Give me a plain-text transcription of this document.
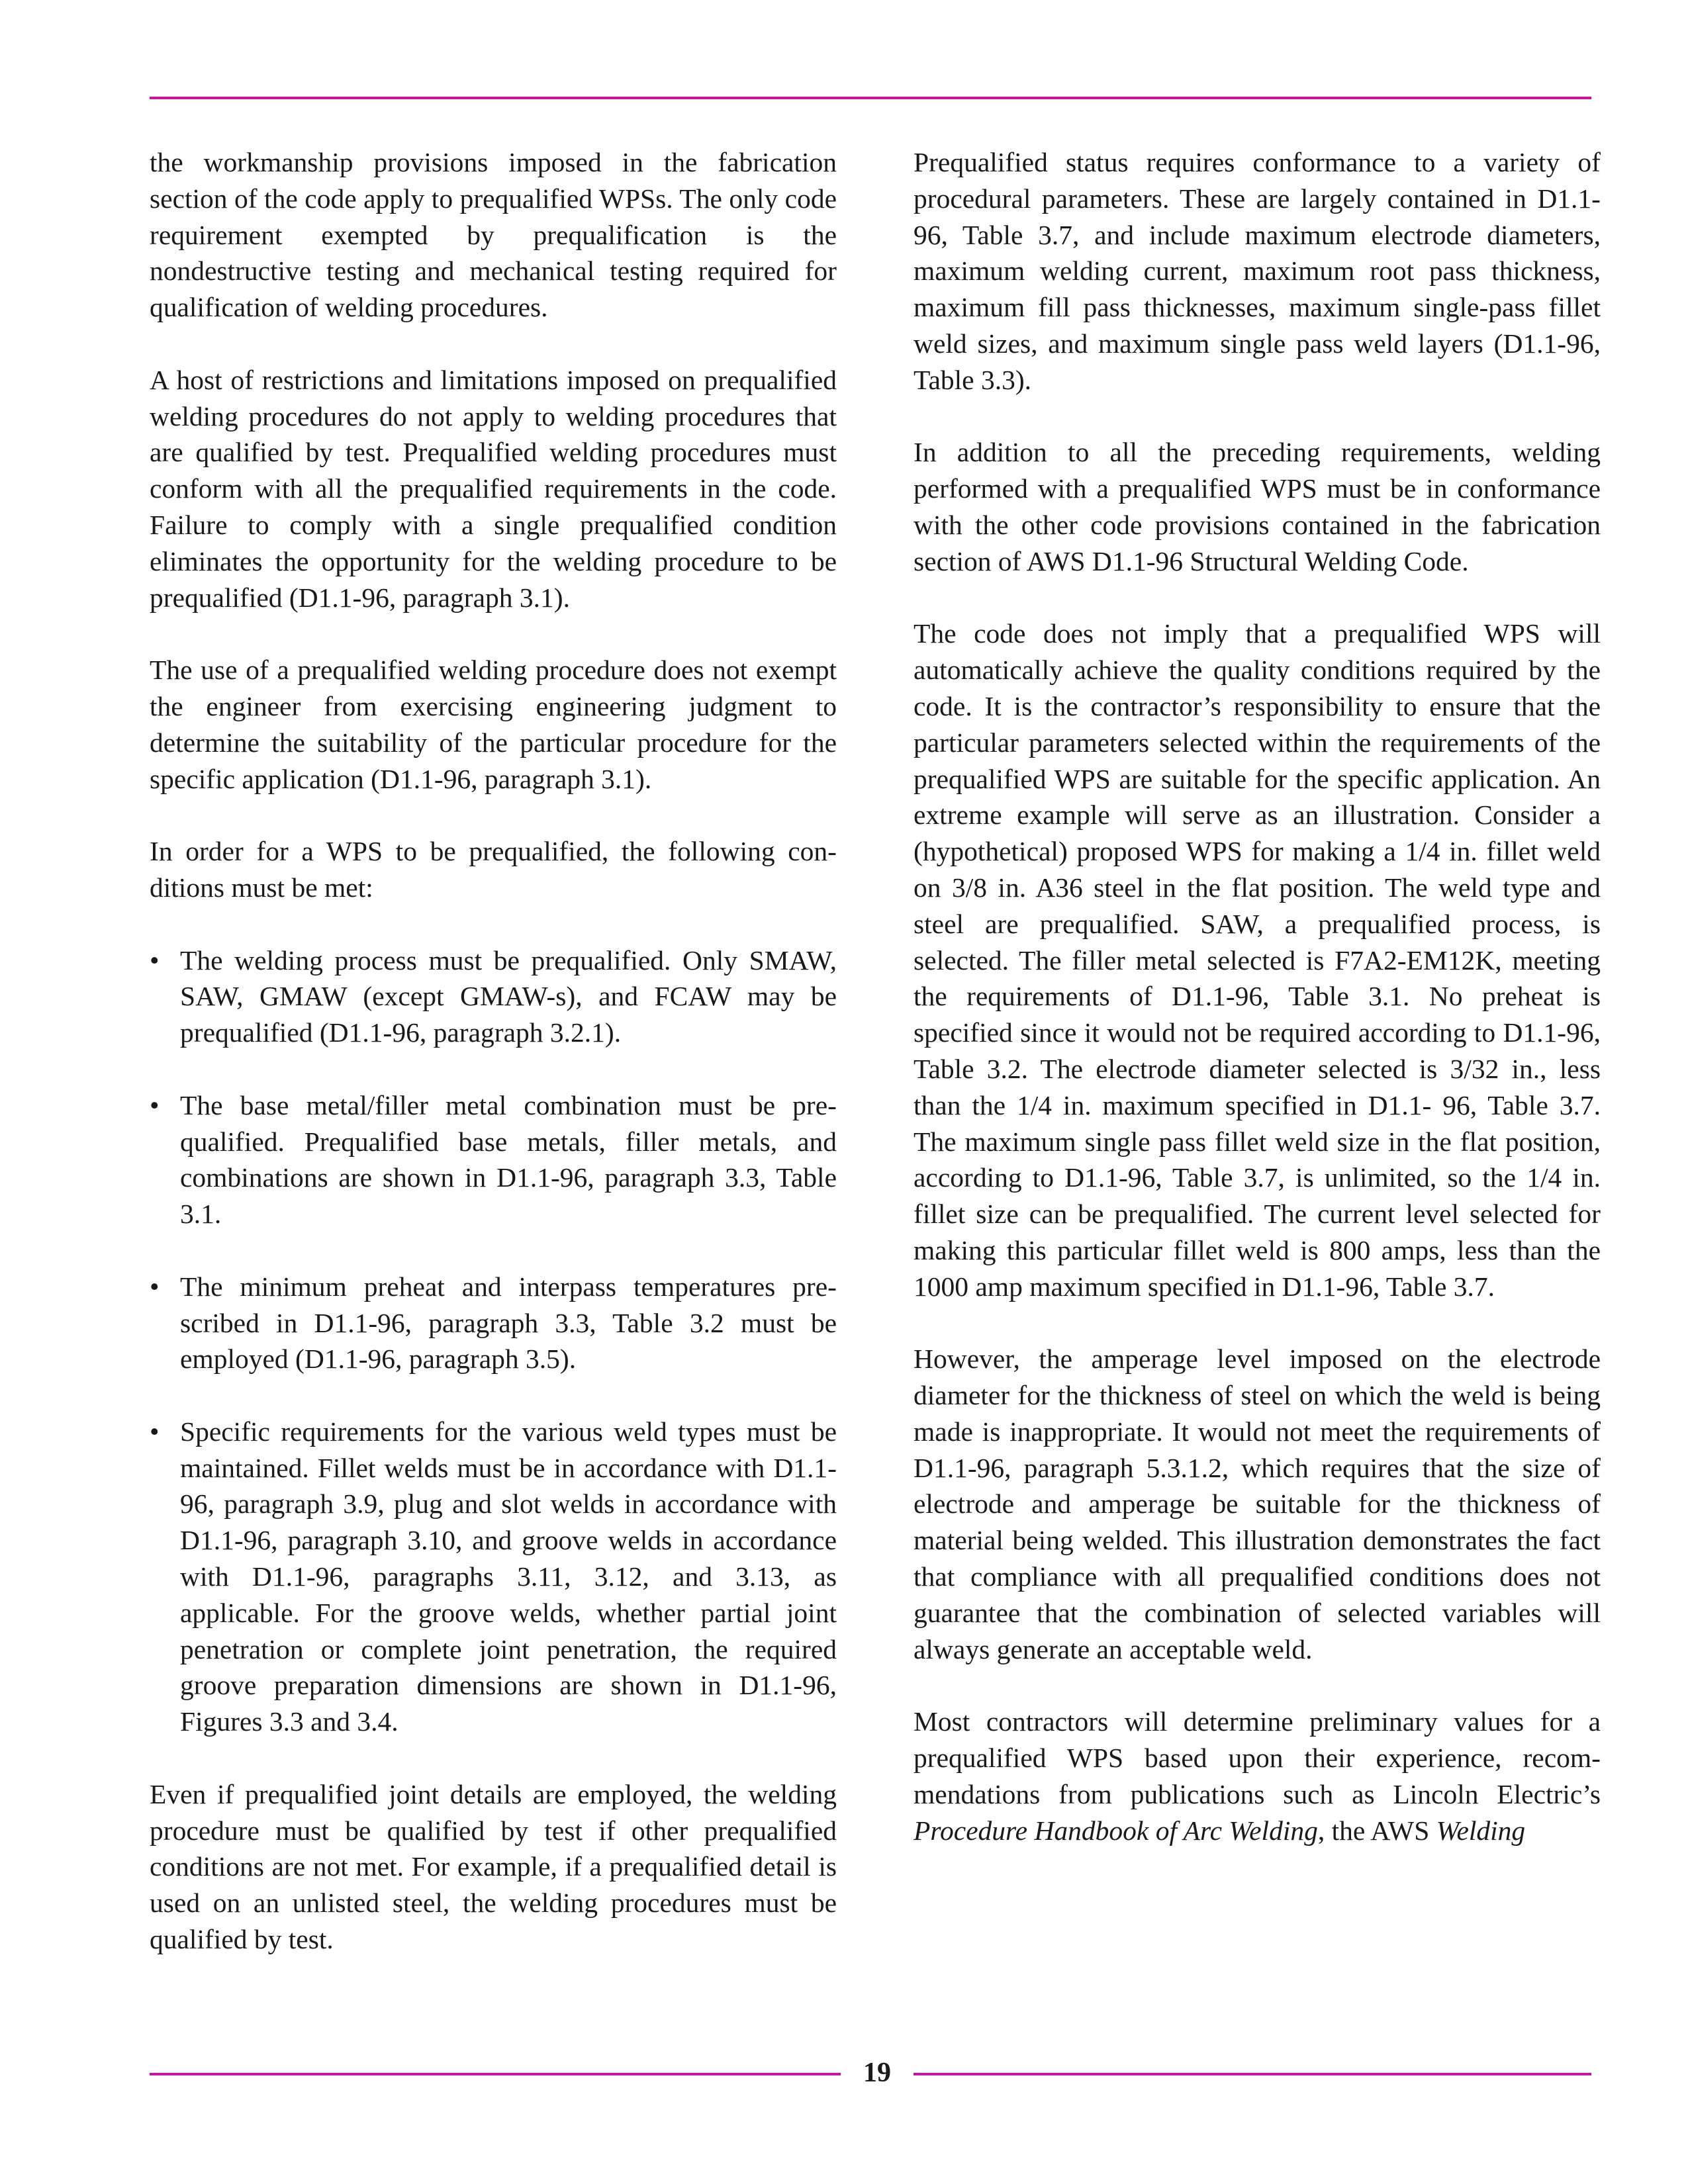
the workmanship provisions imposed in the fabrication section of the code apply to prequalified WPSs. The only code requirement exempted by prequalification is the nondestructive testing and mechanical testing required for qualification of welding procedures.

A host of restrictions and limitations imposed on prequalified welding procedures do not apply to welding procedures that are qualified by test. Prequalified welding procedures must conform with all the prequalified requirements in the code. Failure to comply with a single prequalified condition eliminates the opportunity for the welding procedure to be prequalified (D1.1-96, paragraph 3.1).

The use of a prequalified welding procedure does not exempt the engineer from exercising engineering judgment to determine the suitability of the particular procedure for the specific application (D1.1-96, paragraph 3.1).

In order for a WPS to be prequalified, the following conditions must be met:

• The welding process must be prequalified. Only SMAW, SAW, GMAW (except GMAW-s), and FCAW may be prequalified (D1.1-96, paragraph 3.2.1).
• The base metal/filler metal combination must be prequalified. Prequalified base metals, filler metals, and combinations are shown in D1.1-96, paragraph 3.3, Table 3.1.
• The minimum preheat and interpass temperatures prescribed in D1.1-96, paragraph 3.3, Table 3.2 must be employed (D1.1-96, paragraph 3.5).
• Specific requirements for the various weld types must be maintained. Fillet welds must be in accordance with D1.1-96, paragraph 3.9, plug and slot welds in accordance with D1.1-96, paragraph 3.10, and groove welds in accordance with D1.1-96, paragraphs 3.11, 3.12, and 3.13, as applicable. For the groove welds, whether partial joint penetration or complete joint penetration, the required groove preparation dimensions are shown in D1.1-96, Figures 3.3 and 3.4.

Even if prequalified joint details are employed, the welding procedure must be qualified by test if other prequalified conditions are not met. For example, if a prequalified detail is used on an unlisted steel, the welding procedures must be qualified by test.

Prequalified status requires conformance to a variety of procedural parameters. These are largely contained in D1.1-96, Table 3.7, and include maximum electrode diameters, maximum welding current, maximum root pass thickness, maximum fill pass thicknesses, maximum single-pass fillet weld sizes, and maximum single pass weld layers (D1.1-96, Table 3.3).

In addition to all the preceding requirements, welding performed with a prequalified WPS must be in conformance with the other code provisions contained in the fabrication section of AWS D1.1-96 Structural Welding Code.

The code does not imply that a prequalified WPS will automatically achieve the quality conditions required by the code. It is the contractor’s responsibility to ensure that the particular parameters selected within the requirements of the prequalified WPS are suitable for the specific application. An extreme example will serve as an illustration. Consider a (hypothetical) proposed WPS for making a 1/4 in. fillet weld on 3/8 in. A36 steel in the flat position. The weld type and steel are prequalified. SAW, a prequalified process, is selected. The filler metal selected is F7A2-EM12K, meeting the requirements of D1.1-96, Table 3.1. No preheat is specified since it would not be required according to D1.1-96, Table 3.2. The electrode diameter selected is 3/32 in., less than the 1/4 in. maximum specified in D1.1- 96, Table 3.7. The maximum single pass fillet weld size in the flat position, according to D1.1-96, Table 3.7, is unlimited, so the 1/4 in. fillet size can be prequalified. The current level selected for making this particular fillet weld is 800 amps, less than the 1000 amp maximum specified in D1.1-96, Table 3.7.

However, the amperage level imposed on the electrode diameter for the thickness of steel on which the weld is being made is inappropriate. It would not meet the requirements of D1.1-96, paragraph 5.3.1.2, which requires that the size of electrode and amperage be suitable for the thickness of material being welded. This illustration demonstrates the fact that compliance with all prequalified conditions does not guarantee that the combination of selected variables will always generate an acceptable weld.

Most contractors will determine preliminary values for a prequalified WPS based upon their experience, recommendations from publications such as Lincoln Electric’s Procedure Handbook of Arc Welding, the AWS Welding

19
